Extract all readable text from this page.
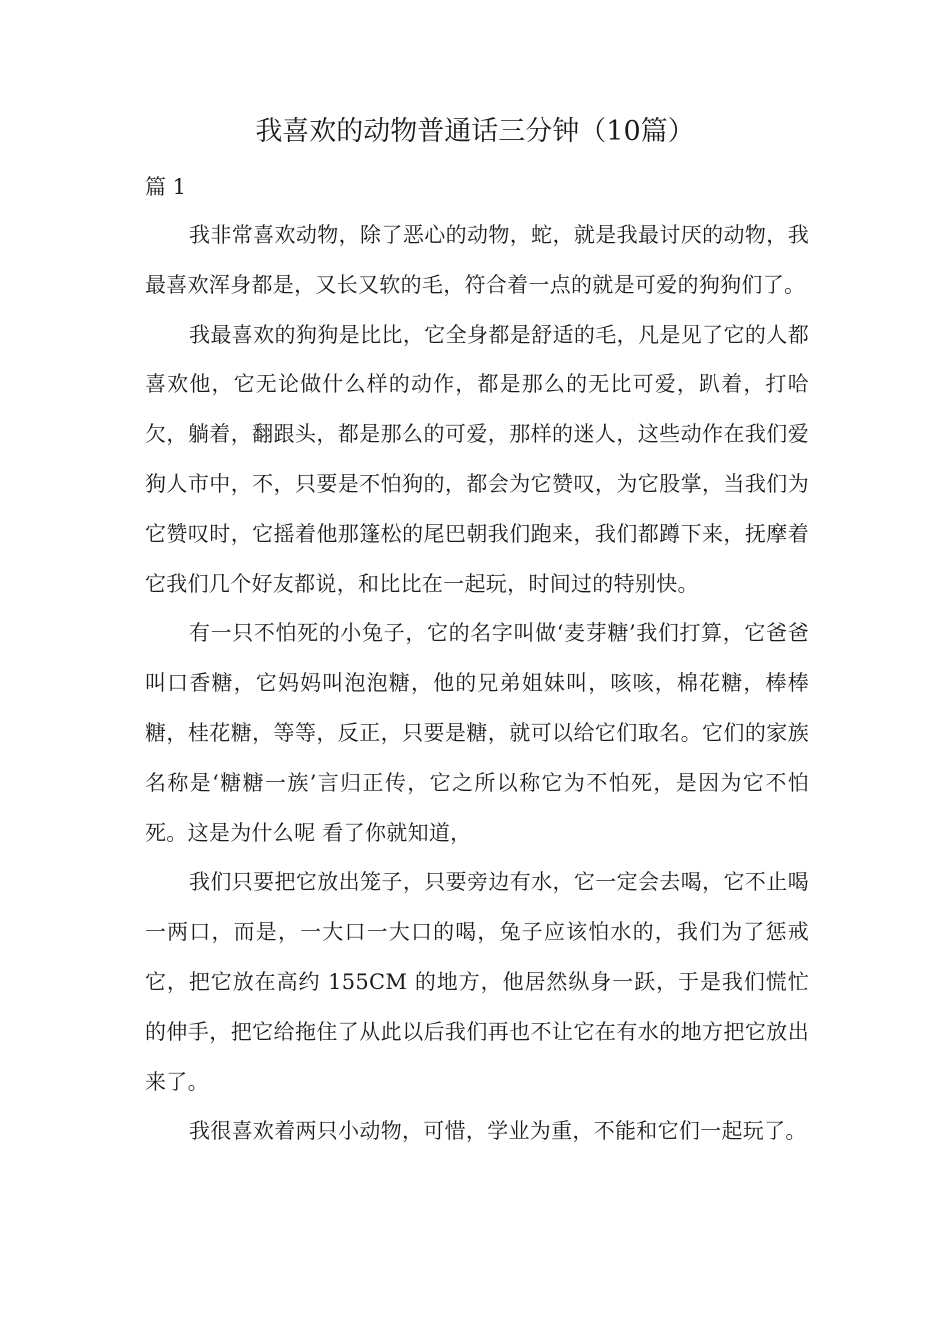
我喜欢的动物普通话三分钟（10篇）
篇 1

我非常喜欢动物，除了恶心的动物，蛇，就是我最讨厌的动物，我最喜欢浑身都是，又长又软的毛，符合着一点的就是可爱的狗狗们了。

我最喜欢的狗狗是比比，它全身都是舒适的毛，凡是见了它的人都喜欢他，它无论做什么样的动作，都是那么的无比可爱，趴着，打哈欠，躺着，翻跟头，都是那么的可爱，那样的迷人，这些动作在我们爱狗人市中，不，只要是不怕狗的，都会为它赞叹，为它股掌，当我们为它赞叹时，它摇着他那篷松的尾巴朝我们跑来，我们都蹲下来，抚摩着它我们几个好友都说，和比比在一起玩，时间过的特别快。

有一只不怕死的小兔子，它的名字叫做‘麦芽糖’我们打算，它爸爸叫口香糖，它妈妈叫泡泡糖，他的兄弟姐妹叫，咳咳，棉花糖，棒棒糖，桂花糖，等等，反正，只要是糖，就可以给它们取名。它们的家族名称是‘糖糖一族’言归正传，它之所以称它为不怕死，是因为它不怕死。这是为什么呢 看了你就知道，

我们只要把它放出笼子，只要旁边有水，它一定会去喝，它不止喝一两口，而是，一大口一大口的喝，兔子应该怕水的，我们为了惩戒它，把它放在高约 155CM 的地方，他居然纵身一跃，于是我们慌忙的伸手，把它给拖住了从此以后我们再也不让它在有水的地方把它放出来了。

我很喜欢着两只小动物，可惜，学业为重，不能和它们一起玩了。
